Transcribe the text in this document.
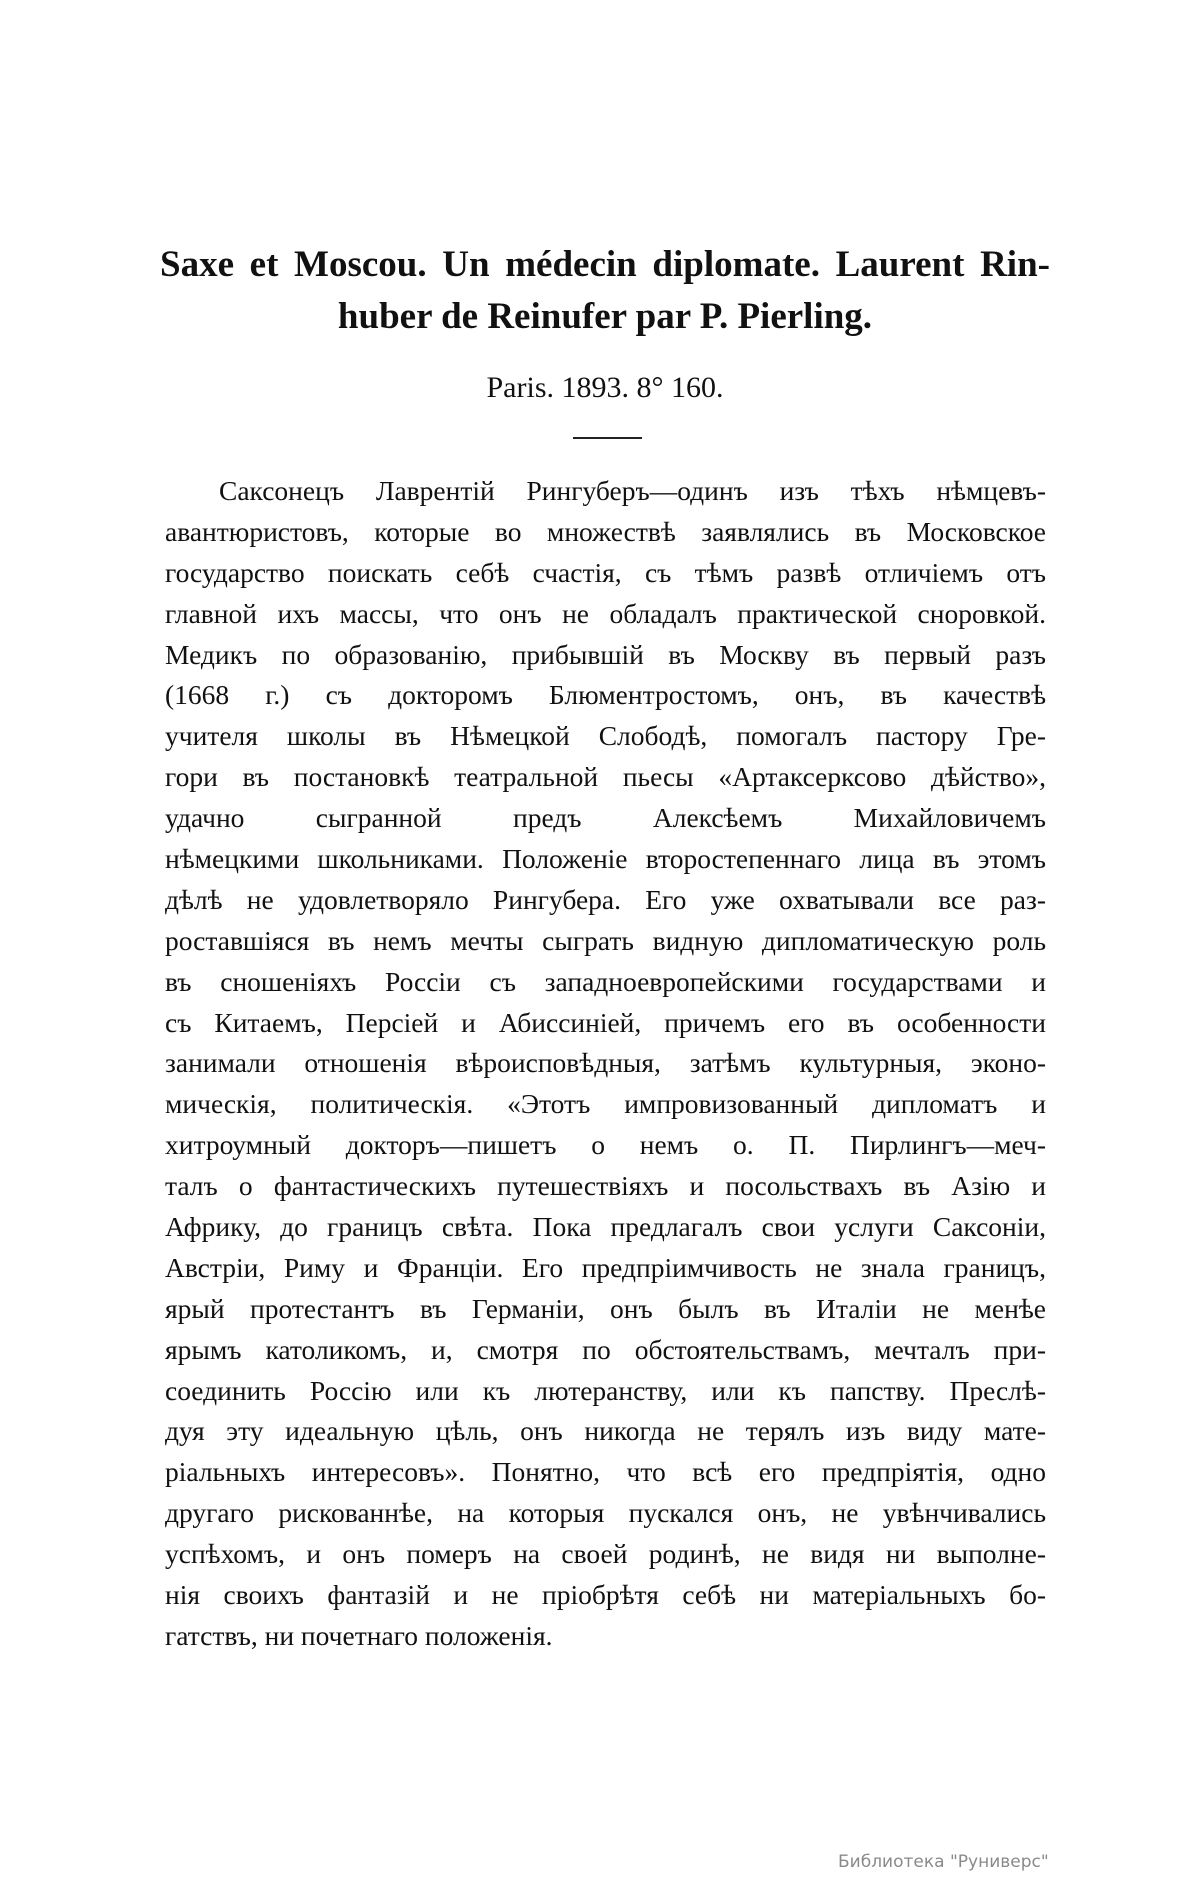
Saxe et Moscou. Un médecin diplomate. Laurent Rin-
huber de Reinufer par P. Pierling.
Paris. 1893. 8° 160.
Саксонецъ Лаврентій Рингуберъ—одинъ изъ тѣхъ нѣмцевъ-
авантюристовъ, которые во множествѣ заявлялись въ Московское
государство поискать себѣ счастія, съ тѣмъ развѣ отличіемъ отъ
главной ихъ массы, что онъ не обладалъ практической сноровкой.
Медикъ по образованію, прибывшій въ Москву въ первый разъ
(1668 г.) съ докторомъ Блюментростомъ, онъ, въ качествѣ
учителя школы въ Нѣмецкой Слободѣ, помогалъ пастору Гре-
гори въ постановкѣ театральной пьесы «Артаксерксово дѣйство»,
удачно сыгранной предъ Алексѣемъ Михайловичемъ
нѣмецкими школьниками. Положеніе второстепеннаго лица въ этомъ
дѣлѣ не удовлетворяло Рингубера. Его уже охватывали все раз-
роставшіяся въ немъ мечты сыграть видную дипломатическую роль
въ сношеніяхъ Россіи съ западноевропейскими государствами и
съ Китаемъ, Персіей и Абиссиніей, причемъ его въ особенности
занимали отношенія вѣроисповѣдныя, затѣмъ культурныя, эконо-
мическія, политическія. «Этотъ импровизованный дипломатъ и
хитроумный докторъ—пишетъ о немъ о. П. Пирлингъ—меч-
талъ о фантастическихъ путешествіяхъ и посольствахъ въ Азію и
Африку, до границъ свѣта. Пока предлагалъ свои услуги Саксоніи,
Австріи, Риму и Франціи. Его предпріимчивость не знала границъ,
ярый протестантъ въ Германіи, онъ былъ въ Италіи не менѣе
ярымъ католикомъ, и, смотря по обстоятельствамъ, мечталъ при-
соединить Россію или къ лютеранству, или къ папству. Преслѣ-
дуя эту идеальную цѣль, онъ никогда не терялъ изъ виду мате-
ріальныхъ интересовъ». Понятно, что всѣ его предпріятія, одно
другаго рискованнѣе, на которыя пускался онъ, не увѣнчивались
успѣхомъ, и онъ померъ на своей родинѣ, не видя ни выполне-
нія своихъ фантазій и не пріобрѣтя себѣ ни матеріальныхъ бо-
гатствъ, ни почетнаго положенія.
Библиотека "Руниверс"
